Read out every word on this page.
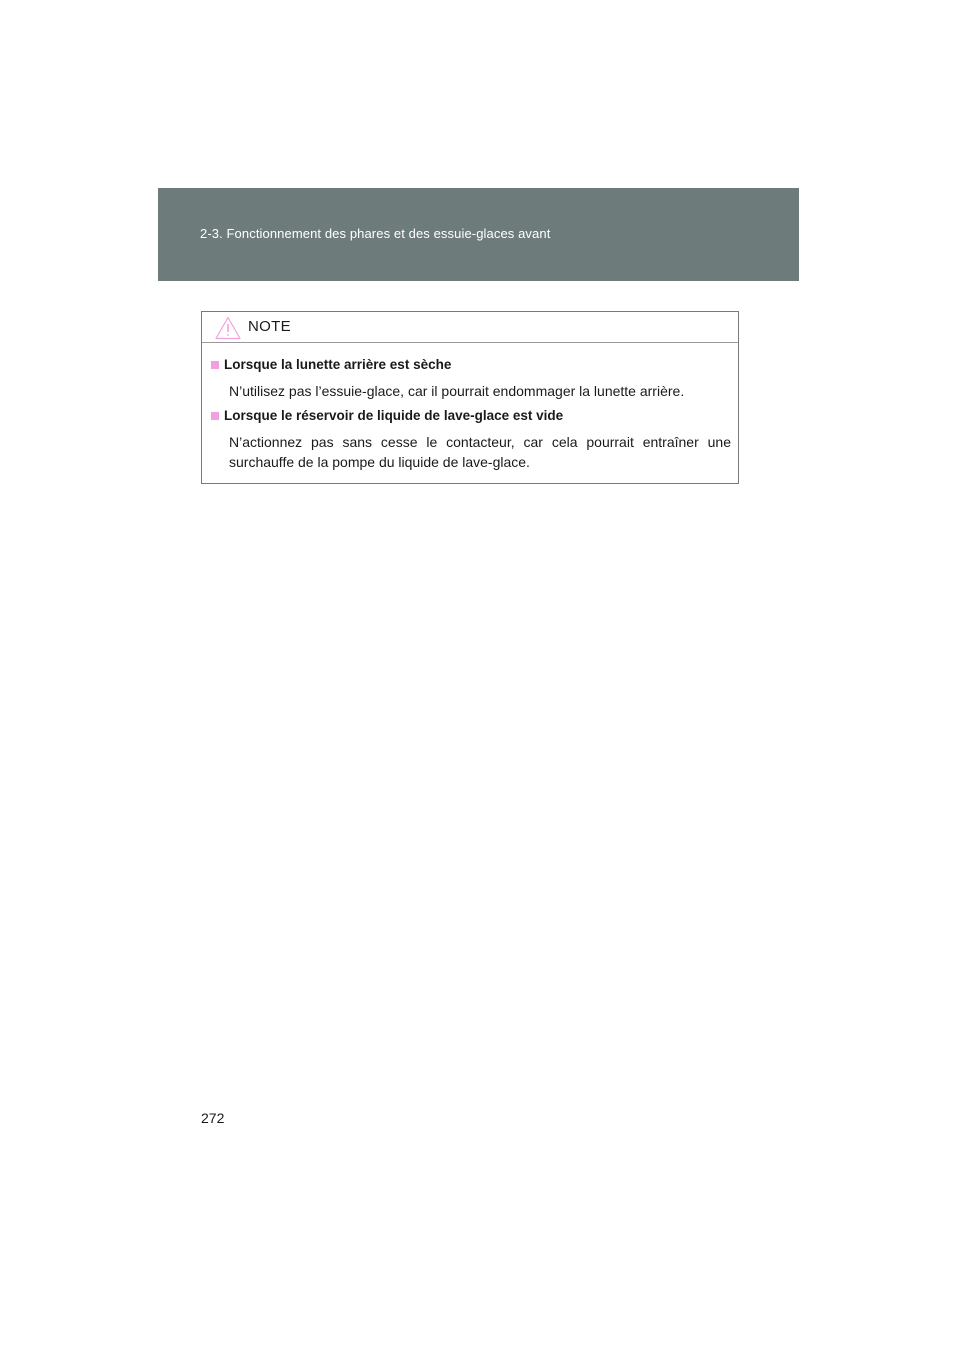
2-3. Fonctionnement des phares et des essuie-glaces avant
NOTE
Lorsque la lunette arrière est sèche
N’utilisez pas l’essuie-glace, car il pourrait endommager la lunette arrière.
Lorsque le réservoir de liquide de lave-glace est vide
N’actionnez pas sans cesse le contacteur, car cela pourrait entraîner une surchauffe de la pompe du liquide de lave-glace.
272
